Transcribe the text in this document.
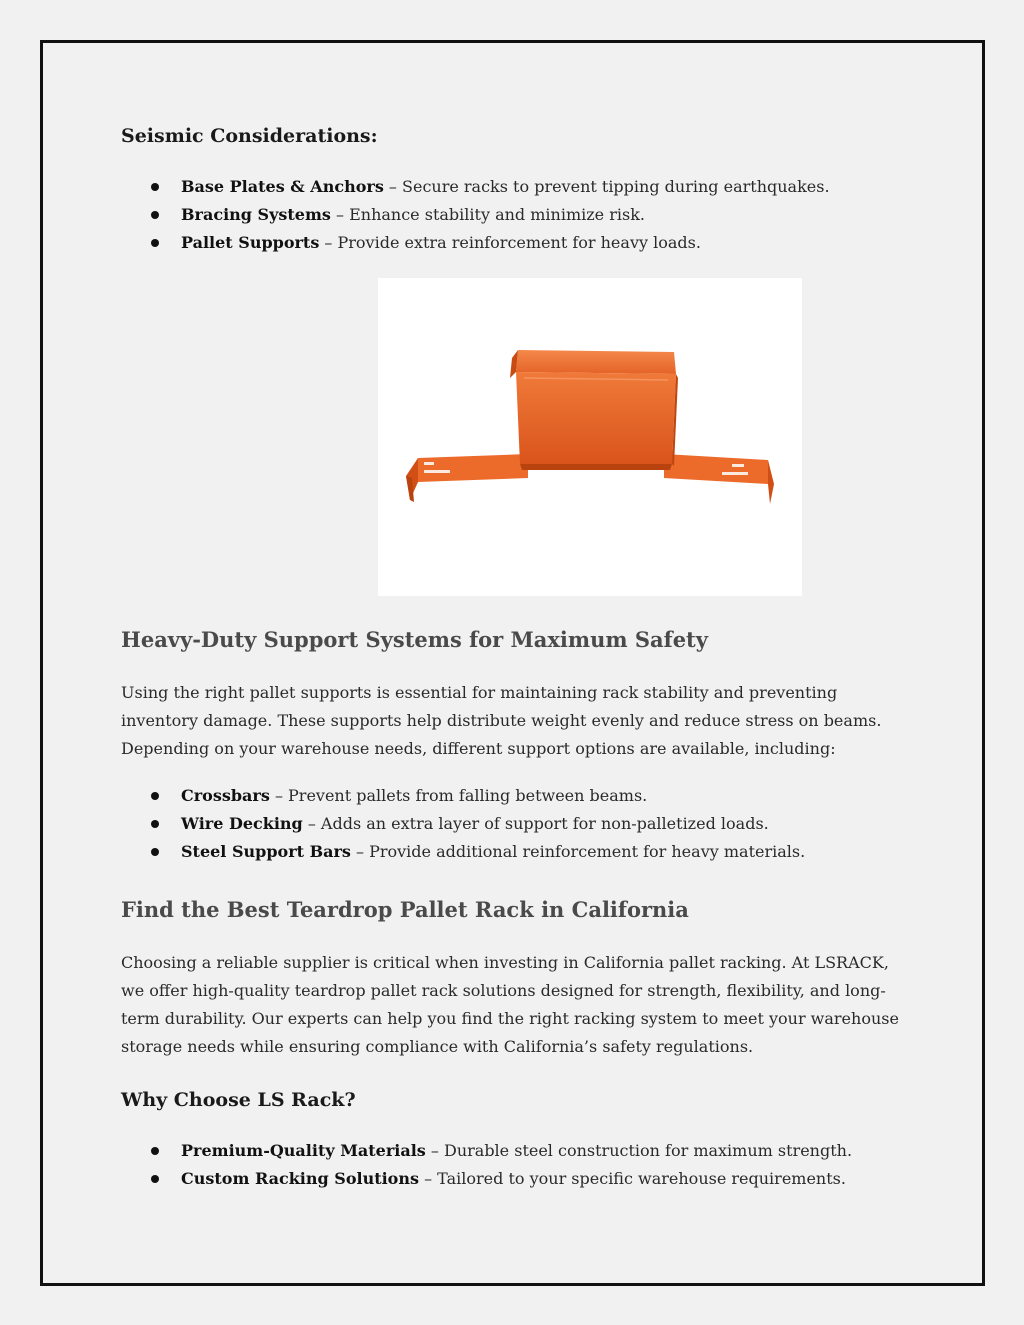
Seismic Considerations:
Base Plates & Anchors – Secure racks to prevent tipping during earthquakes.
Bracing Systems – Enhance stability and minimize risk.
Pallet Supports – Provide extra reinforcement for heavy loads.
Heavy-Duty Support Systems for Maximum Safety

Using the right pallet supports is essential for maintaining rack stability and preventing inventory damage. These supports help distribute weight evenly and reduce stress on beams. Depending on your warehouse needs, different support options are available, including:

Crossbars – Prevent pallets from falling between beams.
Wire Decking – Adds an extra layer of support for non-palletized loads.
Steel Support Bars – Provide additional reinforcement for heavy materials.
Find the Best Teardrop Pallet Rack in California

Choosing a reliable supplier is critical when investing in California pallet racking. At LSRACK, we offer high-quality teardrop pallet rack solutions designed for strength, flexibility, and long-term durability. Our experts can help you find the right racking system to meet your warehouse storage needs while ensuring compliance with California’s safety regulations.

Why Choose LS Rack?
Premium-Quality Materials – Durable steel construction for maximum strength.
Custom Racking Solutions – Tailored to your specific warehouse requirements.
